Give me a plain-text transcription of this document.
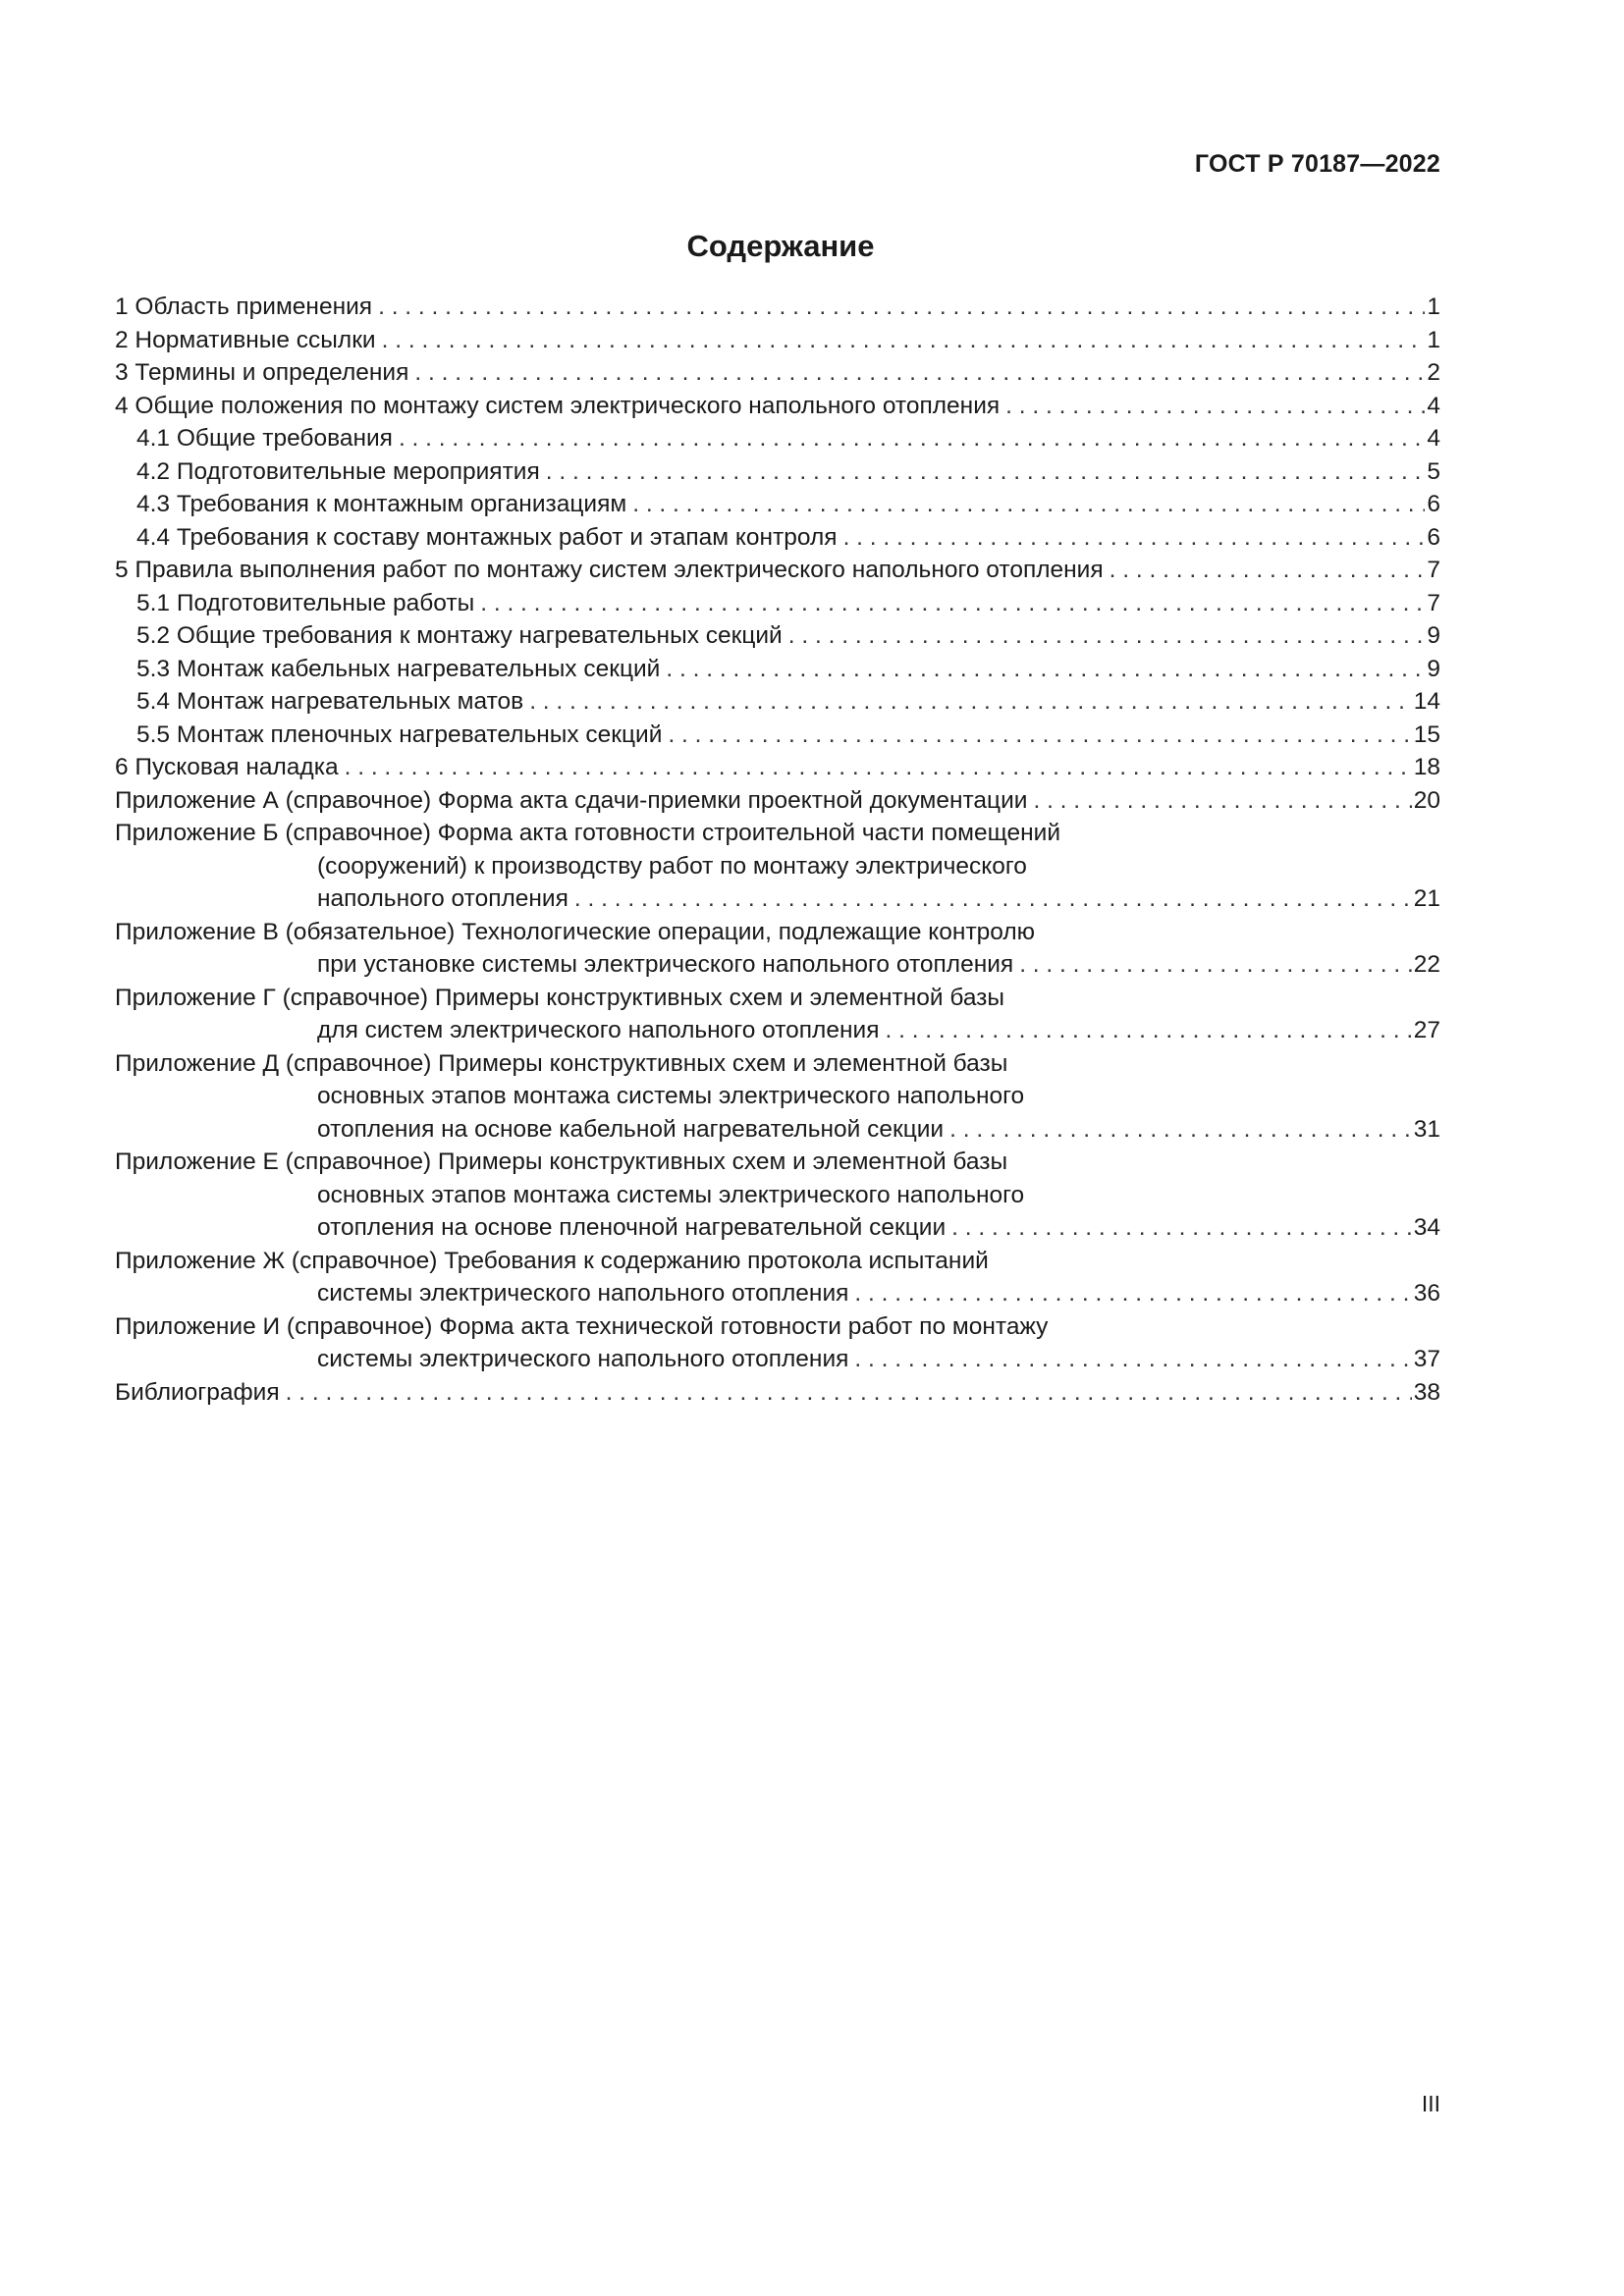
ГОСТ Р 70187—2022
Содержание
1 Область применения . . .	1
2 Нормативные ссылки . . .	1
3 Термины и определения . . .	2
4 Общие положения по монтажу систем электрического напольного отопления . . .	4
4.1 Общие требования . . .	4
4.2 Подготовительные мероприятия . . .	5
4.3 Требования к монтажным организациям . . .	6
4.4 Требования к составу монтажных работ и этапам контроля . . .	6
5 Правила выполнения работ по монтажу систем электрического напольного отопления . . .	7
5.1 Подготовительные работы . . .	7
5.2 Общие требования к монтажу нагревательных секций . . .	9
5.3 Монтаж кабельных нагревательных секций . . .	9
5.4 Монтаж нагревательных матов . . .	14
5.5 Монтаж пленочных нагревательных секций . . .	15
6 Пусковая наладка . . .	18
Приложение А (справочное) Форма акта сдачи-приемки проектной документации . . .	20
Приложение Б (справочное) Форма акта готовности строительной части помещений
(сооружений) к производству работ по монтажу электрического
напольного отопления . . .	21
Приложение В (обязательное) Технологические операции, подлежащие контролю
при установке системы электрического напольного отопления . . .	22
Приложение Г (справочное) Примеры конструктивных схем и элементной базы
для систем электрического напольного отопления . . .	27
Приложение Д (справочное) Примеры конструктивных схем и элементной базы
основных этапов монтажа системы электрического напольного
отопления на основе кабельной нагревательной секции . . .	31
Приложение Е (справочное) Примеры конструктивных схем и элементной базы
основных этапов монтажа системы электрического напольного
отопления на основе пленочной нагревательной секции . . .	34
Приложение Ж (справочное) Требования к содержанию протокола испытаний
системы электрического напольного отопления . . .	36
Приложение И (справочное) Форма акта технической готовности работ по монтажу
системы электрического напольного отопления . . .	37
Библиография . . .	38
III
